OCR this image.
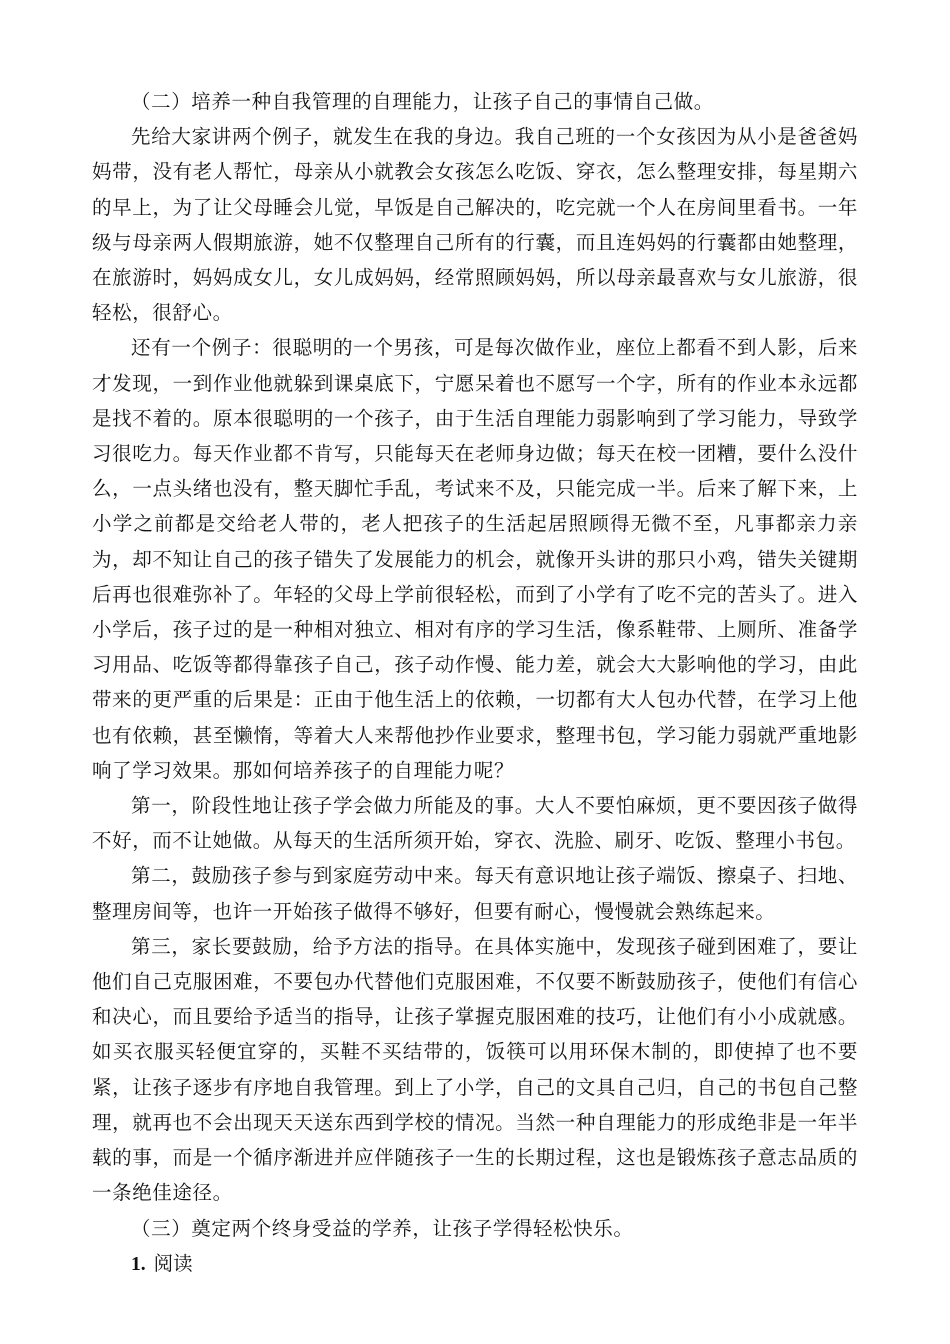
（二）培养一种自我管理的自理能力，让孩子自己的事情自己做。

先给大家讲两个例子，就发生在我的身边。我自己班的一个女孩因为从小是爸爸妈妈带，没有老人帮忙，母亲从小就教会女孩怎么吃饭、穿衣，怎么整理安排，每星期六的早上，为了让父母睡会儿觉，早饭是自己解决的，吃完就一个人在房间里看书。一年级与母亲两人假期旅游，她不仅整理自己所有的行囊，而且连妈妈的行囊都由她整理，在旅游时，妈妈成女儿，女儿成妈妈，经常照顾妈妈，所以母亲最喜欢与女儿旅游，很轻松，很舒心。

还有一个例子：很聪明的一个男孩，可是每次做作业，座位上都看不到人影，后来才发现，一到作业他就躲到课桌底下，宁愿呆着也不愿写一个字，所有的作业本永远都是找不着的。原本很聪明的一个孩子，由于生活自理能力弱影响到了学习能力，导致学习很吃力。每天作业都不肯写，只能每天在老师身边做；每天在校一团糟，要什么没什么，一点头绪也没有，整天脚忙手乱，考试来不及，只能完成一半。后来了解下来，上小学之前都是交给老人带的，老人把孩子的生活起居照顾得无微不至，凡事都亲力亲为，却不知让自己的孩子错失了发展能力的机会，就像开头讲的那只小鸡，错失关键期后再也很难弥补了。年轻的父母上学前很轻松，而到了小学有了吃不完的苦头了。进入小学后，孩子过的是一种相对独立、相对有序的学习生活，像系鞋带、上厕所、准备学习用品、吃饭等都得靠孩子自己，孩子动作慢、能力差，就会大大影响他的学习，由此带来的更严重的后果是：正由于他生活上的依赖，一切都有大人包办代替，在学习上他也有依赖，甚至懒惰，等着大人来帮他抄作业要求，整理书包，学习能力弱就严重地影响了学习效果。那如何培养孩子的自理能力呢？

第一，阶段性地让孩子学会做力所能及的事。大人不要怕麻烦，更不要因孩子做得不好，而不让她做。从每天的生活所须开始，穿衣、洗脸、刷牙、吃饭、整理小书包。

第二，鼓励孩子参与到家庭劳动中来。每天有意识地让孩子端饭、擦桌子、扫地、整理房间等，也许一开始孩子做得不够好，但要有耐心，慢慢就会熟练起来。

第三，家长要鼓励，给予方法的指导。在具体实施中，发现孩子碰到困难了，要让他们自己克服困难，不要包办代替他们克服困难，不仅要不断鼓励孩子，使他们有信心和决心，而且要给予适当的指导，让孩子掌握克服困难的技巧，让他们有小小成就感。如买衣服买轻便宜穿的，买鞋不买结带的，饭筷可以用环保木制的，即使掉了也不要紧，让孩子逐步有序地自我管理。到上了小学，自己的文具自己归，自己的书包自己整理，就再也不会出现天天送东西到学校的情况。当然一种自理能力的形成绝非是一年半载的事，而是一个循序渐进并应伴随孩子一生的长期过程，这也是锻炼孩子意志品质的一条绝佳途径。

（三）奠定两个终身受益的学养，让孩子学得轻松快乐。

1. 阅读
